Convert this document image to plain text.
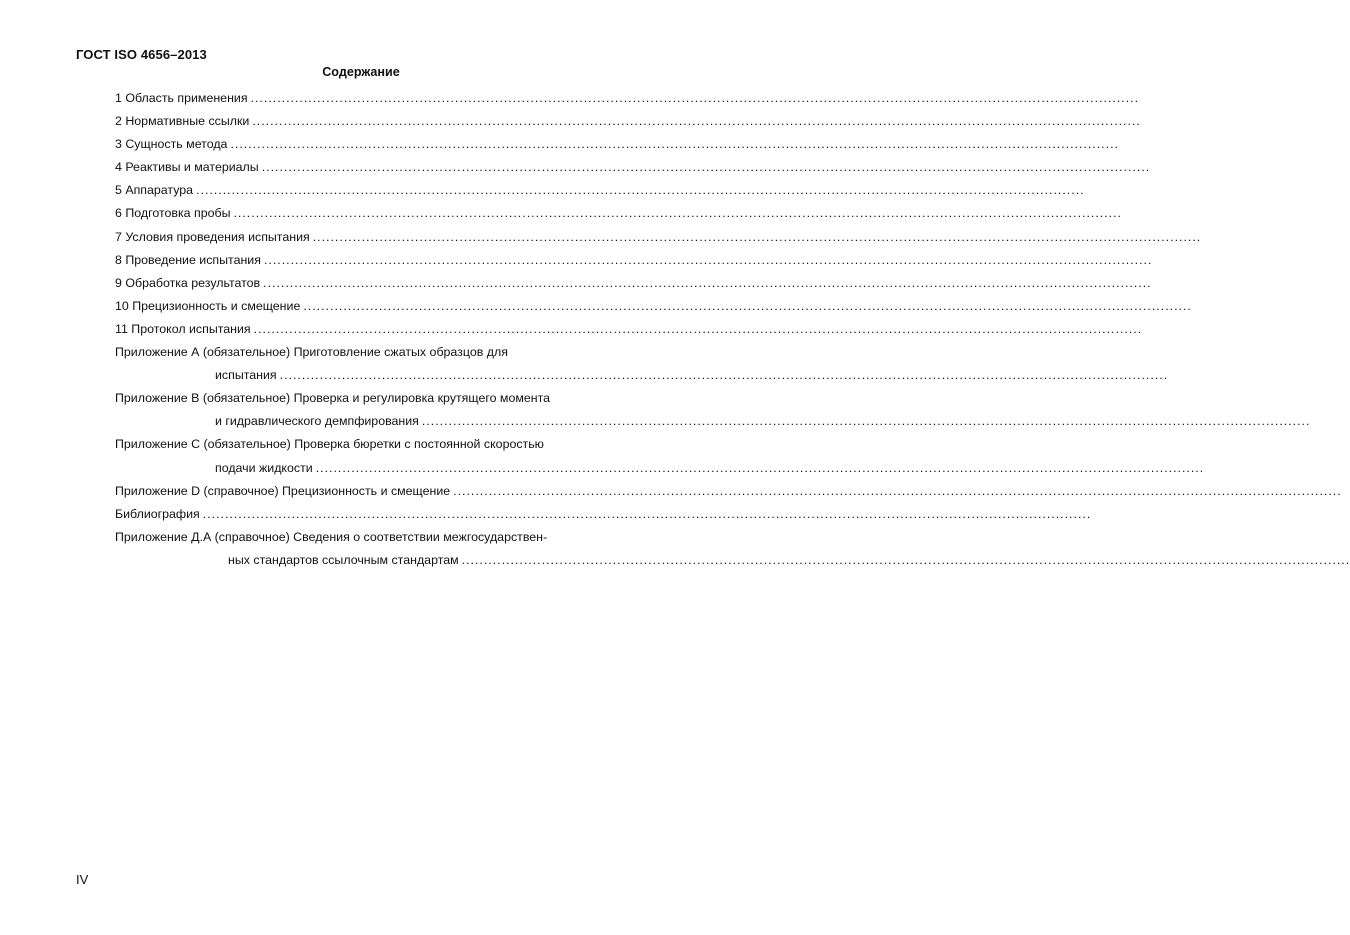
ГОСТ ISO 4656–2013
Содержание
1 Область применения ........................................................................................................................................................................................................
2 Нормативные ссылки ........................................................................................................................................................................................................
3 Сущность метода ........................................................................................................................................................................................................
4 Реактивы и материалы ........................................................................................................................................................................................................
5 Аппаратура ........................................................................................................................................................................................................
6 Подготовка пробы ........................................................................................................................................................................................................
7 Условия проведения испытания ........................................................................................................................................................................................................
8 Проведение испытания ........................................................................................................................................................................................................
9 Обработка результатов ........................................................................................................................................................................................................
10 Прецизионность и смещение ........................................................................................................................................................................................................
11 Протокол испытания ........................................................................................................................................................................................................
Приложение А (обязательное) Приготовление сжатых образцов для
испытания ........................................................................................................................................................................................................
Приложение В (обязательное) Проверка и регулировка крутящего момента
и гидравлического демпфирования ........................................................................................................................................................................................................
Приложение С (обязательное) Проверка бюретки с постоянной скоростью
подачи жидкости ........................................................................................................................................................................................................
Приложение D (справочное) Прецизионность и смещение ........................................................................................................................................................................................................
Библиография ........................................................................................................................................................................................................
Приложение Д.А (справочное) Сведения о соответствии межгосударствен-
ных стандартов ссылочным стандартам ........................................................................................................................................................................................................
IV
